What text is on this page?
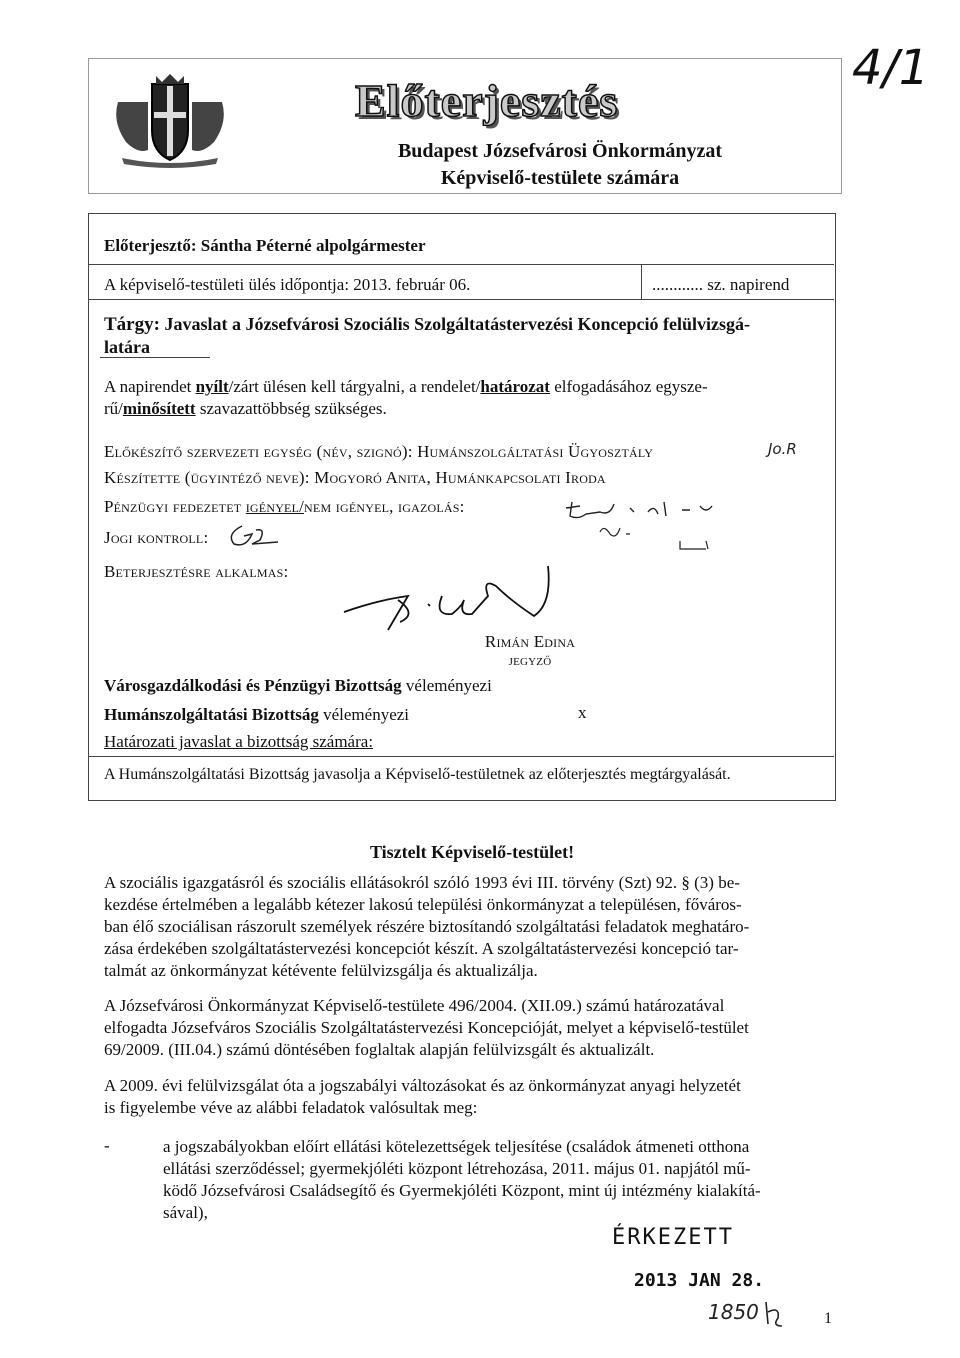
Előterjesztés
Budapest Józsefvárosi Önkormányzat
Képviselő-testülete számára
4/1
Előterjesztő: Sántha Péterné alpolgármester
A képviselő-testületi ülés időpontja: 2013. február 06.	............ sz. napirend
Tárgy: Javaslat a Józsefvárosi Szociális Szolgáltatástervezési Koncepció felülvizsgá-
latára
A napirendet nyílt/zárt ülésen kell tárgyalni, a rendelet/határozat elfogadásához egysze-
rű/minősített szavazattöbbség szükséges.
Előkészítő szervezeti egység (név, szignó): Humánszolgáltatási Ügyosztály	Jo.R
Készítette (ügyintéző neve): Mogyoró Anita, Humánkapcsolati Iroda
Pénzügyi fedezetet igényel/nem igényel, igazolás:
Jogi kontroll:
Beterjesztésre alkalmas:
Rimán Edina
jegyző
Városgazdálkodási és Pénzügyi Bizottság véleményezi
Humánszolgáltatási Bizottság véleményezi	x
Határozati javaslat a bizottság számára:
A Humánszolgáltatási Bizottság javasolja a Képviselő-testületnek az előterjesztés megtárgyalását.
Tisztelt Képviselő-testület!
A szociális igazgatásról és szociális ellátásokról szóló 1993 évi III. törvény (Szt) 92. § (3) be-
kezdése értelmében a legalább kétezer lakosú települési önkormányzat a településen, főváros-
ban élő szociálisan rászorult személyek részére biztosítandó szolgáltatási feladatok meghatáro-
zása érdekében szolgáltatástervezési koncepciót készít. A szolgáltatástervezési koncepció tar-
talmát az önkormányzat kétévente felülvizsgálja és aktualizálja.
A Józsefvárosi Önkormányzat Képviselő-testülete 496/2004. (XII.09.) számú határozatával
elfogadta Józsefváros Szociális Szolgáltatástervezési Koncepcióját, melyet a képviselő-testület
69/2009. (III.04.) számú döntésében foglaltak alapján felülvizsgált és aktualizált.
A 2009. évi felülvizsgálat óta a jogszabályi változásokat és az önkormányzat anyagi helyzetét
is figyelembe véve az alábbi feladatok valósultak meg:
-	a jogszabályokban előírt ellátási kötelezettségek teljesítése (családok átmeneti otthona
ellátási szerződéssel; gyermekjóléti központ létrehozása, 2011. május 01. napjától mű-
ködő Józsefvárosi Családsegítő és Gyermekjóléti Központ, mint új intézmény kialakítá-
sával),
ÉRKEZETT
2013 JAN 28.
1850	1
